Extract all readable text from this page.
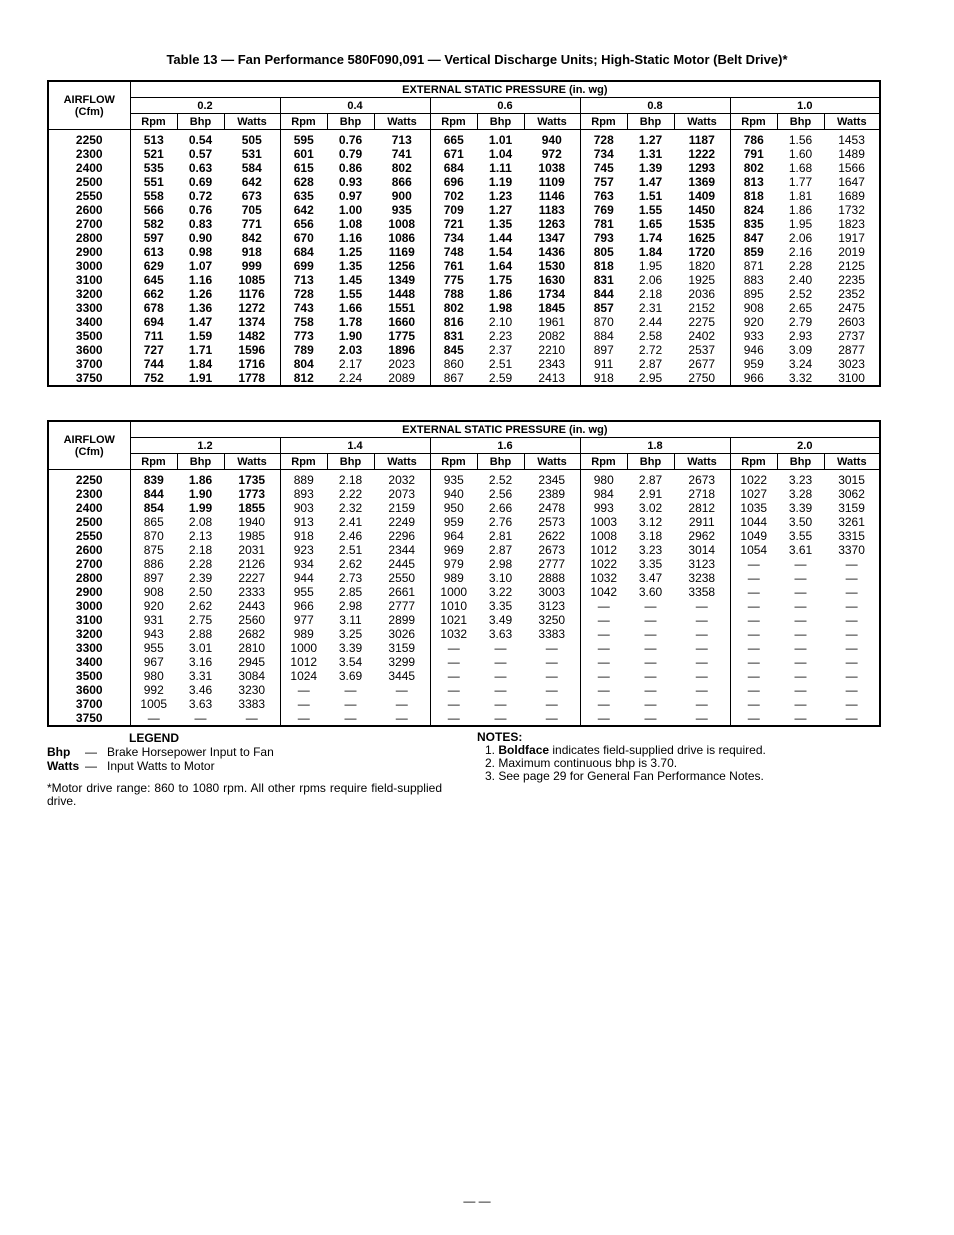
Table 13 — Fan Performance 580F090,091 — Vertical Discharge Units; High-Static Motor (Belt Drive)*
AIRFLOW
(Cfm)	EXTERNAL STATIC PRESSURE (in. wg)														
	0.2			0.4			0.6			0.8			1.0		
	Rpm	Bhp	Watts	Rpm	Bhp	Watts	Rpm	Bhp	Watts	Rpm	Bhp	Watts	Rpm	Bhp	Watts
2250	513	0.54	505	595	0.76	713	665	1.01	940	728	1.27	1187	786	1.56	1453
2300	521	0.57	531	601	0.79	741	671	1.04	972	734	1.31	1222	791	1.60	1489
2400	535	0.63	584	615	0.86	802	684	1.11	1038	745	1.39	1293	802	1.68	1566
2500	551	0.69	642	628	0.93	866	696	1.19	1109	757	1.47	1369	813	1.77	1647
2550	558	0.72	673	635	0.97	900	702	1.23	1146	763	1.51	1409	818	1.81	1689
2600	566	0.76	705	642	1.00	935	709	1.27	1183	769	1.55	1450	824	1.86	1732
2700	582	0.83	771	656	1.08	1008	721	1.35	1263	781	1.65	1535	835	1.95	1823
2800	597	0.90	842	670	1.16	1086	734	1.44	1347	793	1.74	1625	847	2.06	1917
2900	613	0.98	918	684	1.25	1169	748	1.54	1436	805	1.84	1720	859	2.16	2019
3000	629	1.07	999	699	1.35	1256	761	1.64	1530	818	1.95	1820	871	2.28	2125
3100	645	1.16	1085	713	1.45	1349	775	1.75	1630	831	2.06	1925	883	2.40	2235
3200	662	1.26	1176	728	1.55	1448	788	1.86	1734	844	2.18	2036	895	2.52	2352
3300	678	1.36	1272	743	1.66	1551	802	1.98	1845	857	2.31	2152	908	2.65	2475
3400	694	1.47	1374	758	1.78	1660	816	2.10	1961	870	2.44	2275	920	2.79	2603
3500	711	1.59	1482	773	1.90	1775	831	2.23	2082	884	2.58	2402	933	2.93	2737
3600	727	1.71	1596	789	2.03	1896	845	2.37	2210	897	2.72	2537	946	3.09	2877
3700	744	1.84	1716	804	2.17	2023	860	2.51	2343	911	2.87	2677	959	3.24	3023
3750	752	1.91	1778	812	2.24	2089	867	2.59	2413	918	2.95	2750	966	3.32	3100
AIRFLOW
(Cfm)	EXTERNAL STATIC PRESSURE (in. wg)														
	1.2			1.4			1.6			1.8			2.0		
	Rpm	Bhp	Watts	Rpm	Bhp	Watts	Rpm	Bhp	Watts	Rpm	Bhp	Watts	Rpm	Bhp	Watts
2250	839	1.86	1735	889	2.18	2032	935	2.52	2345	980	2.87	2673	1022	3.23	3015
2300	844	1.90	1773	893	2.22	2073	940	2.56	2389	984	2.91	2718	1027	3.28	3062
2400	854	1.99	1855	903	2.32	2159	950	2.66	2478	993	3.02	2812	1035	3.39	3159
2500	865	2.08	1940	913	2.41	2249	959	2.76	2573	1003	3.12	2911	1044	3.50	3261
2550	870	2.13	1985	918	2.46	2296	964	2.81	2622	1008	3.18	2962	1049	3.55	3315
2600	875	2.18	2031	923	2.51	2344	969	2.87	2673	1012	3.23	3014	1054	3.61	3370
2700	886	2.28	2126	934	2.62	2445	979	2.98	2777	1022	3.35	3123	—	—	—
2800	897	2.39	2227	944	2.73	2550	989	3.10	2888	1032	3.47	3238	—	—	—
2900	908	2.50	2333	955	2.85	2661	1000	3.22	3003	1042	3.60	3358	—	—	—
3000	920	2.62	2443	966	2.98	2777	1010	3.35	3123	—	—	—	—	—	—
3100	931	2.75	2560	977	3.11	2899	1021	3.49	3250	—	—	—	—	—	—
3200	943	2.88	2682	989	3.25	3026	1032	3.63	3383	—	—	—	—	—	—
3300	955	3.01	2810	1000	3.39	3159	—	—	—	—	—	—	—	—	—
3400	967	3.16	2945	1012	3.54	3299	—	—	—	—	—	—	—	—	—
3500	980	3.31	3084	1024	3.69	3445	—	—	—	—	—	—	—	—	—
3600	992	3.46	3230	—	—	—	—	—	—	—	—	—	—	—	—
3700	1005	3.63	3383	—	—	—	—	—	—	—	—	—	—	—	—
3750	—	—	—	—	—	—	—	—	—	—	—	—	—	—	—
LEGEND
Bhp	— Brake Horsepower Input to Fan
Watts — Input Watts to Motor
*Motor drive range: 860 to 1080 rpm. All other rpms require field-supplied drive.
NOTES:
1. Boldface indicates field-supplied drive is required.
2. Maximum continuous bhp is 3.70.
3. See page 29 for General Fan Performance Notes.
— —
